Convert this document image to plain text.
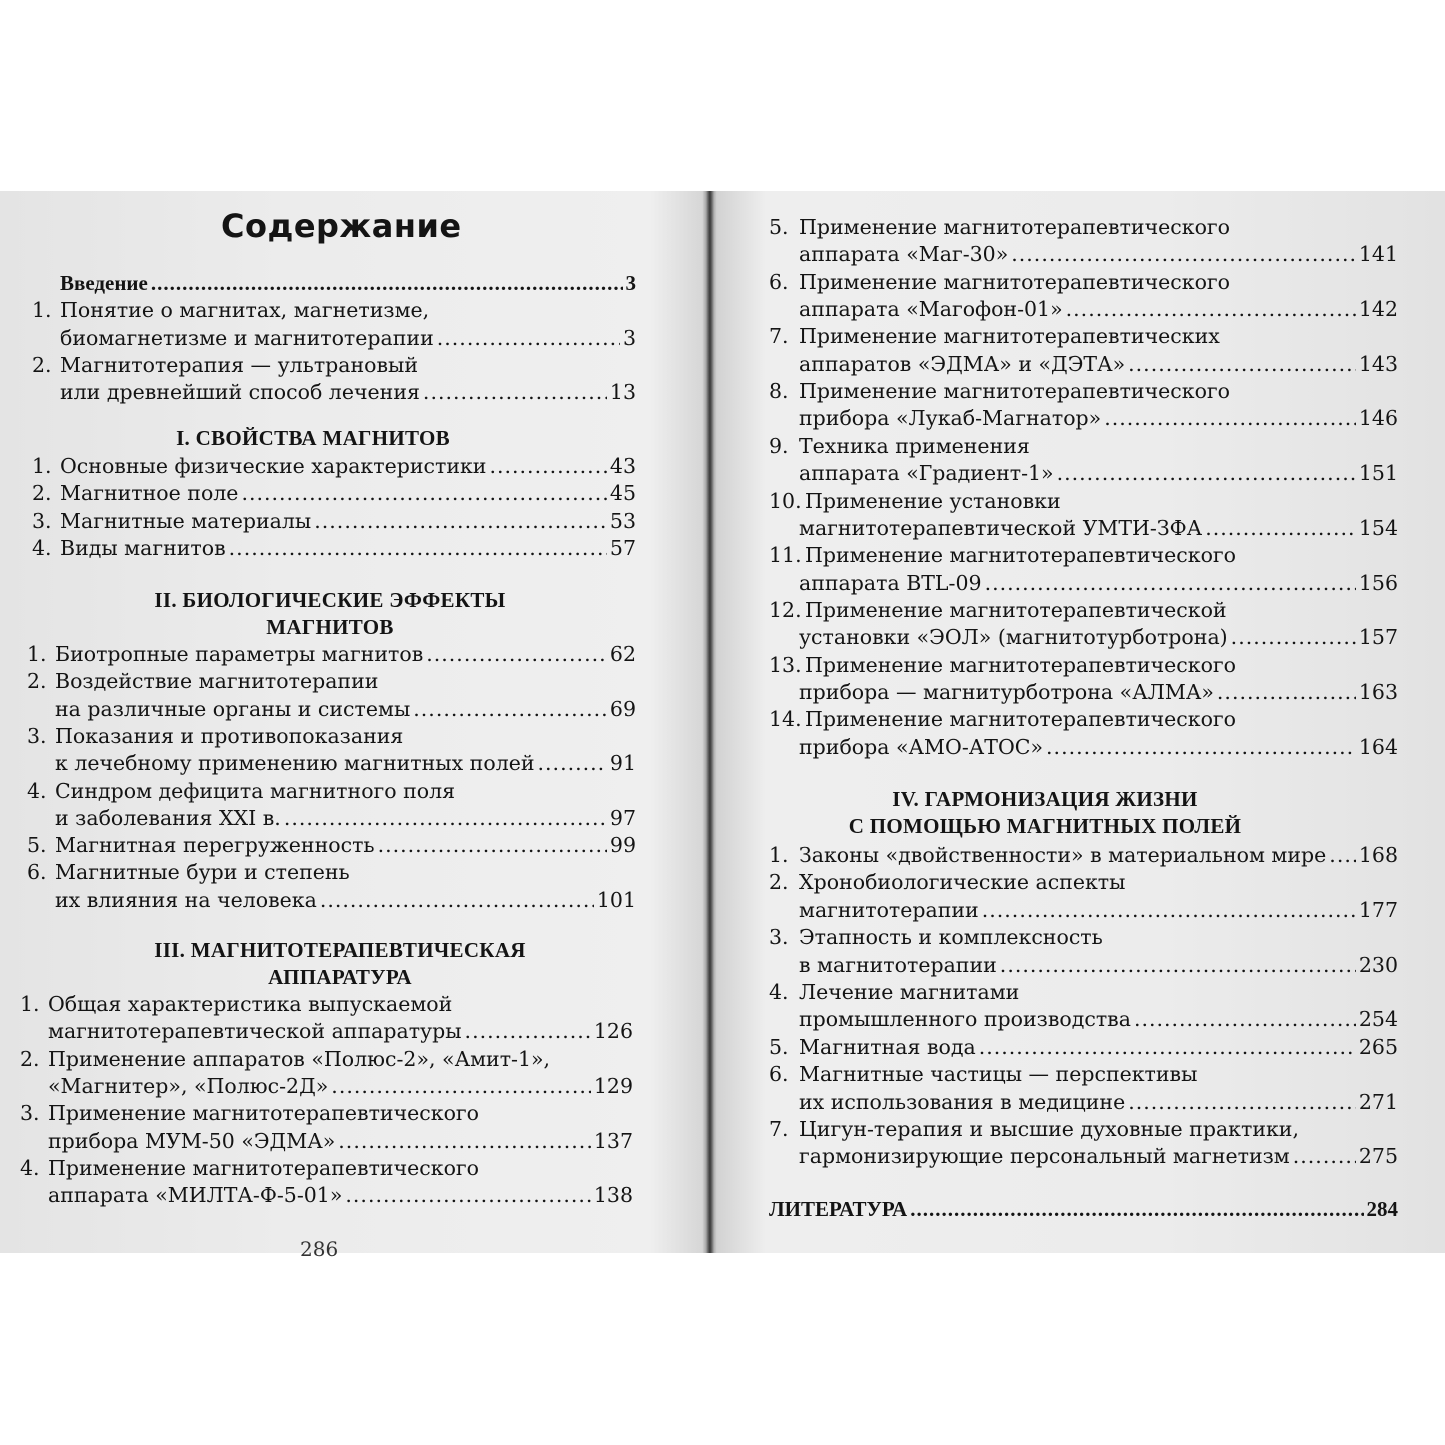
Содержание
286
Введение .....	3
1. Понятие о магнитах, магнетизме,
биомагнетизме и магнитотерапии .....	3
2. Магнитотерапия — ультрановый
или древнейший способ лечения .....	13
I. СВОЙСТВА МАГНИТОВ
1. Основные физические характеристики .....	43
2. Магнитное поле .....	45
3. Магнитные материалы .....	53
4. Виды магнитов .....	57
II. БИОЛОГИЧЕСКИЕ ЭФФЕКТЫ
МАГНИТОВ
1. Биотропные параметры магнитов .....	62
2. Воздействие магнитотерапии
на различные органы и системы .....	69
3. Показания и противопоказания
к лечебному применению магнитных полей .....	91
4. Синдром дефицита магнитного поля
и заболевания XXI в. .....	97
5. Магнитная перегруженность .....	99
6. Магнитные бури и степень
их влияния на человека .....	101
III. МАГНИТОТЕРАПЕВТИЧЕСКАЯ
АППАРАТУРА
1. Общая характеристика выпускаемой
магнитотерапевтической аппаратуры .....	126
2. Применение аппаратов «Полюс-2», «Амит-1»,
«Магнитер», «Полюс-2Д» .....	129
3. Применение магнитотерапевтического
прибора МУМ-50 «ЭДМА» .....	137
4. Применение магнитотерапевтического
аппарата «МИЛТА-Ф-5-01» .....	138
5. Применение магнитотерапевтического
аппарата «Маг-30» .....	141
6. Применение магнитотерапевтического
аппарата «Магофон-01» .....	142
7. Применение магнитотерапевтических
аппаратов «ЭДМА» и «ДЭТА» .....	143
8. Применение магнитотерапевтического
прибора «Лукаб-Магнатор» .....	146
9. Техника применения
аппарата «Градиент-1» .....	151
10. Применение установки
магнитотерапевтической УМТИ-ЗФА .....	154
11. Применение магнитотерапевтического
аппарата BTL-09 .....	156
12. Применение магнитотерапевтической
установки «ЭОЛ» (магнитотурботрона) .....	157
13. Применение магнитотерапевтического
прибора — магнитурботрона «АЛМА» .....	163
14. Применение магнитотерапевтического
прибора «АМО-АТОС» .....	164
IV. ГАРМОНИЗАЦИЯ ЖИЗНИ
С ПОМОЩЬЮ МАГНИТНЫХ ПОЛЕЙ
1. Законы «двойственности» в материальном мире ..... 168
2. Хронобиологические аспекты
магнитотерапии .....	177
3. Этапность и комплексность
в магнитотерапии .....	230
4. Лечение магнитами
промышленного производства .....	254
5. Магнитная вода .....	265
6. Магнитные частицы — перспективы
их использования в медицине .....	271
7. Цигун-терапия и высшие духовные практики,
гармонизирующие персональный магнетизм .....	275
ЛИТЕРАТУРА .....	284
